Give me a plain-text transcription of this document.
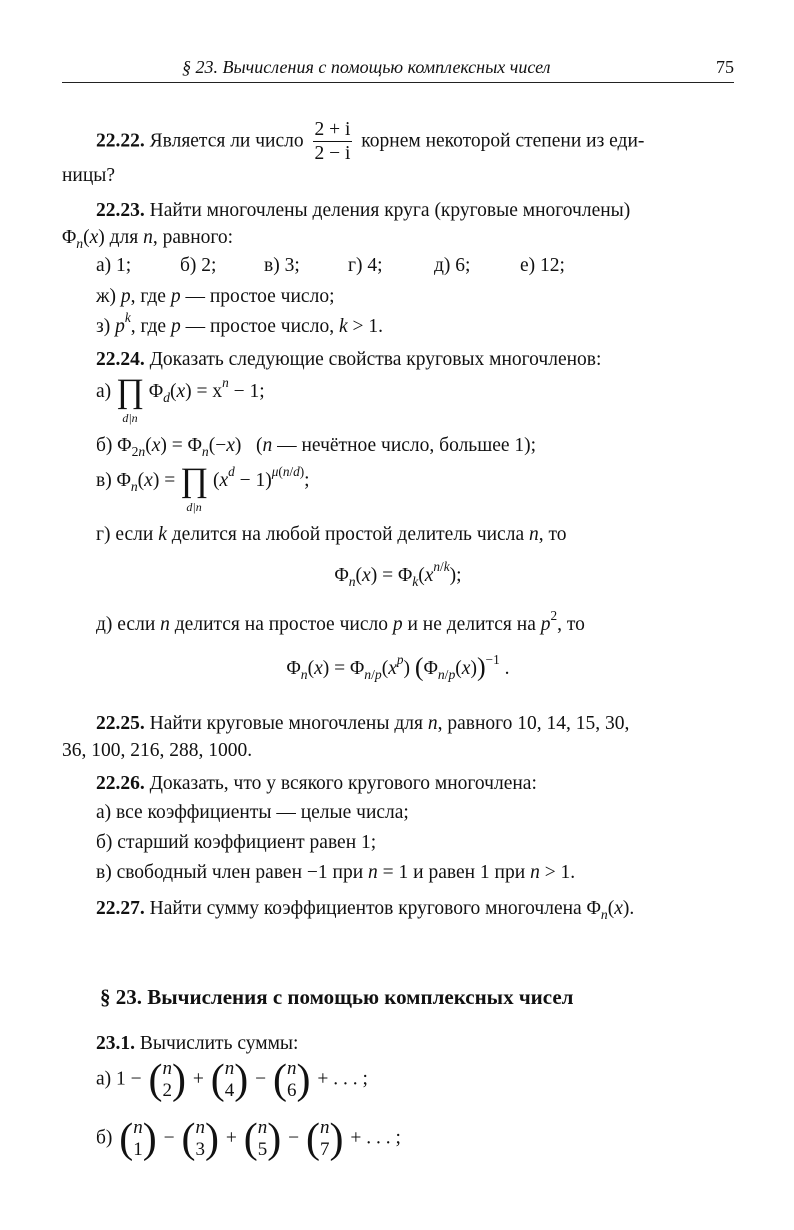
§ 23. Вычисления с помощью комплексных чисел	75
22.22. Является ли число $\frac{2 + i}{2 - i}$ корнем некоторой степени из еди-
ницы?
22.23. Найти многочлены деления круга (круговые многочлены)
$\Phi_n(x)$ для n, равного:
а) 1;	б) 2; в) 3; г) 4;	д) 6;	е) 12;
ж) p, где p — простое число;
з) $p^k$, где p — простое число, k > 1.
22.24. Доказать следующие свойства круговых многочленов:
а) ∏
d|n
$\Phi_d(x) = x^n - 1$;
б) $\Phi_{2n}(x) = \Phi_n(-x)$   (n — нечётное число, большее 1);
в) $\Phi_n(x)$ = ∏
d|n
$(x^d - 1)^{\mu(n/d)}$;
г) если k делится на любой простой делитель числа n, то
$\Phi_n(x) = \Phi_k(x^{n/k})$;
д) если n делится на простое число p и не делится на $p^2$, то
$\Phi_n(x) = \Phi_{n/p}(x^p)$ $(\Phi_{n/p}(x))^{-1}$ .
22.25. Найти круговые многочлены для n, равного 10, 14, 15, 30,
36, 100, 216, 288, 1000.
22.26. Доказать, что у всякого кругового многочлена:
а) все коэффициенты — целые числа;
б) старший коэффициент равен 1;
в) свободный член равен −1 при n = 1 и равен 1 при n > 1.
22.27. Найти сумму коэффициентов кругового многочлена $\Phi_n(x)$.
§ 23. Вычисления с помощью комплексных чисел
23.1. Вычислить суммы:
а) 1 − ( n
2 ) + ( n
4 ) − ( n
6 ) + . . . ;
б) ( n
1 ) − ( n
3 ) + ( n
5 ) − ( n
7 ) + . . . ;
